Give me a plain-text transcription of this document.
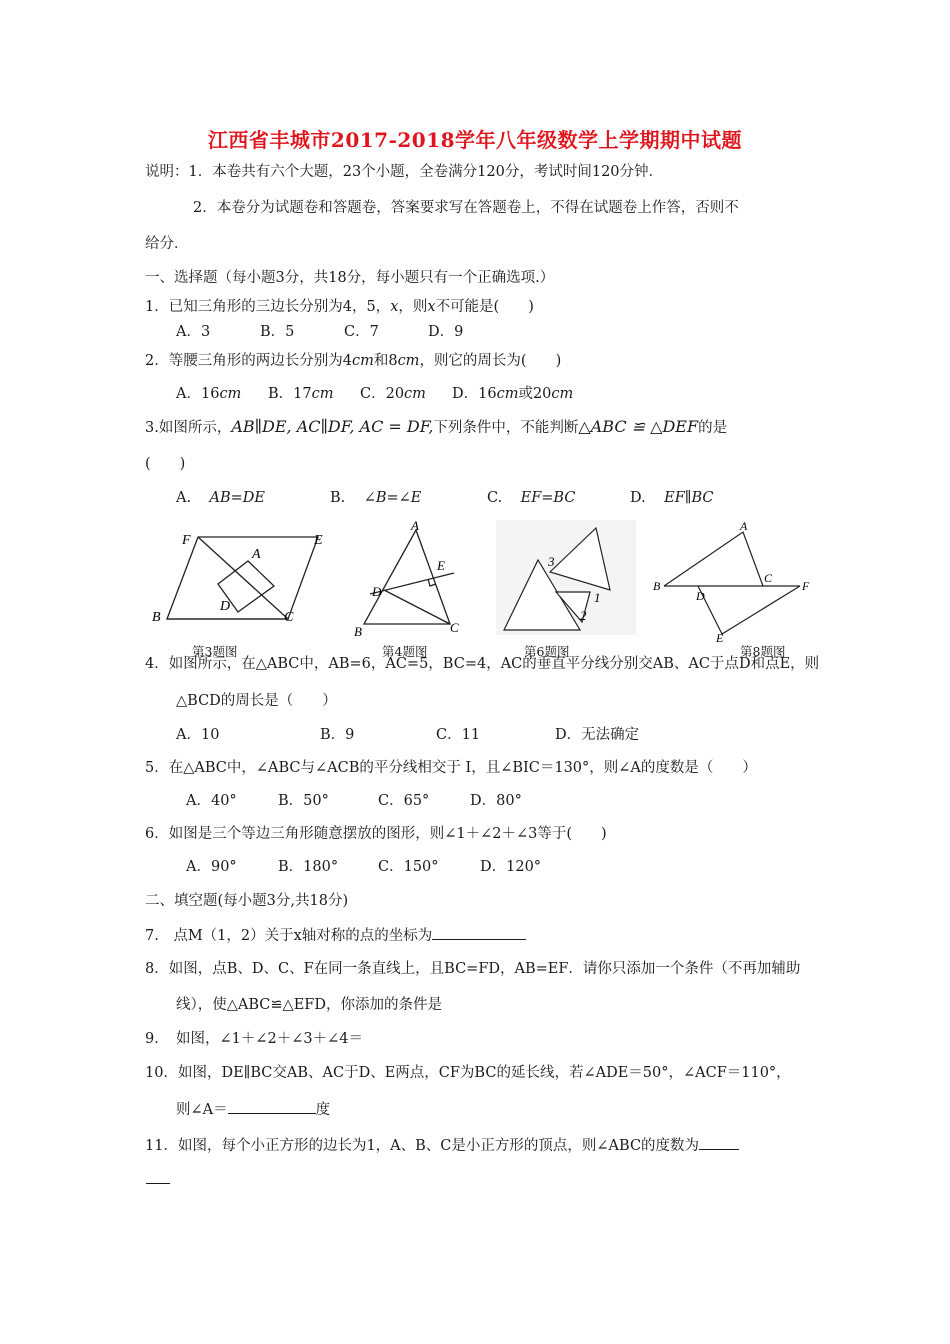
江西省丰城市2017-2018学年八年级数学上学期期中试题
说明：1．本卷共有六个大题，23个小题，全卷满分120分，考试时间120分钟．
2．本卷分为试题卷和答题卷，答案要求写在答题卷上，不得在试题卷上作答，否则不
给分．
一、选择题（每小题3分，共18分，每小题只有一个正确选项.）
1．已知三角形的三边长分别为4，5，x，则x不可能是(　　)
A．3	B．5	C．7	D．9
2．等腰三角形的两边长分别为4cm和8cm，则它的周长为(　　)
A．16cm B．17cm C．20cm D．16cm或20cm
3.如图所示，AB∥DE, AC∥DF, AC = DF,下列条件中，不能判断△ABC ≌ △DEF的是
(　　)
A. AB=DE	B. ∠B=∠E	C. EF=BC	D. EF∥BC
F	E
A
D
B	C
第3题图
A
E
D
B	C
第4题图
3
1
2
第6题图
A
B
C
D
F
E
第8题图
4．如图所示，在△ABC中，AB=6，AC=5，BC=4，AC的垂直平分线分别交AB、AC于点D和点E，则
△BCD的周长是（　　）
A．10	B．9	C．11	D．无法确定
5．在△ABC中，∠ABC与∠ACB的平分线相交于 I，且∠BIC＝130°，则∠A的度数是（　　）
A．40°	B．50°	C．65°	D．80°
6．如图是三个等边三角形随意摆放的图形，则∠1＋∠2＋∠3等于(　　)
A．90°	B．180°	C．150°	D．120°
二、填空题(每小题3分,共18分)
7.　点M（1，2）关于x轴对称的点的坐标为
8．如图，点B、D、C、F在同一条直线上，且BC=FD，AB=EF．请你只添加一个条件（不再加辅助
线），使△ABC≌△EFD，你添加的条件是
9．　如图，∠1＋∠2＋∠3＋∠4＝
10．如图，DE∥BC交AB、AC于D、E两点，CF为BC的延长线，若∠ADE＝50°，∠ACF＝110°，
则∠A＝	度
11．如图，每个小正方形的边长为1，A、B、C是小正方形的顶点，则∠ABC的度数为
